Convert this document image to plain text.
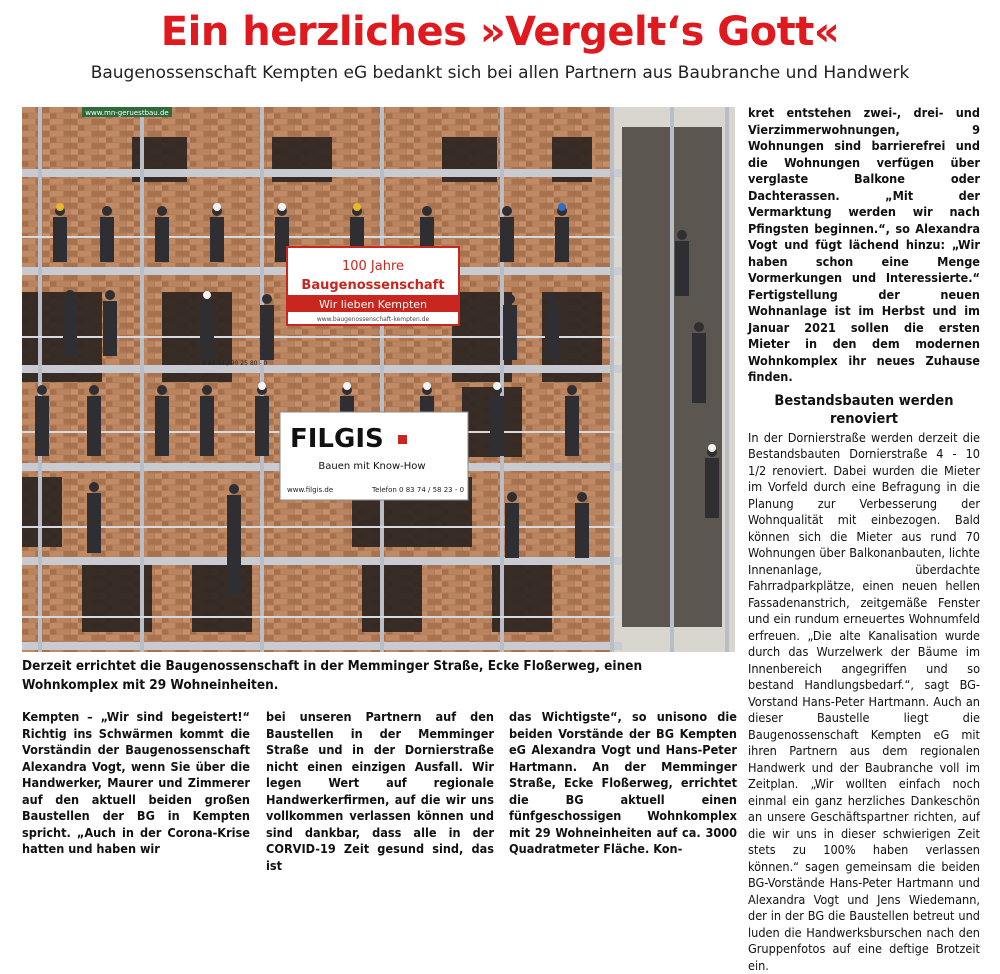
Ein herzliches »Vergelt‘s Gott«
Baugenossenschaft Kempten eG bedankt sich bei allen Partnern aus Baubranche und Handwerk
www.mn-geruestbau.de
100 Jahre
Baugenossenschaft
Wir lieben Kempten
www.baugenossenschaft-kempten.de
FILGIS
Bauen mit Know-How
www.filgis.de	Telefon 0 83 74 / 58 23 - 0
0 83 31 / 90 25 80 - 0
Derzeit errichtet die Baugenossenschaft in der Memminger Straße, Ecke Floßerweg, einen Wohnkomplex mit 29 Wohneinheiten.

Kempten – „Wir sind begeistert!“ Richtig ins Schwärmen kommt die Vorständin der Baugenossenschaft Alexandra Vogt, wenn Sie über die Handwerker, Maurer und Zimmerer auf den aktuell beiden großen Baustellen der BG in Kempten spricht. „Auch in der Corona-Krise hatten und haben wir

bei unseren Partnern auf den Baustellen in der Memminger Straße und in der Dornierstraße nicht einen einzigen Ausfall. Wir legen Wert auf regionale Handwerkerfirmen, auf die wir uns vollkommen verlassen können und sind dankbar, dass alle in der CORVID-19 Zeit gesund sind, das ist

das Wichtigste“, so unisono die beiden Vorstände der BG Kempten eG Alexandra Vogt und Hans-Peter Hartmann. An der Memminger Straße, Ecke Floßerweg, errichtet die BG aktuell einen fünfgeschossigen Wohnkomplex mit 29 Wohneinheiten auf ca. 3000 Quadratmeter Fläche. Kon-

kret entstehen zwei-, drei- und Vierzimmerwohnungen, 9 Wohnungen sind barrierefrei und die Wohnungen verfügen über verglaste Balkone oder Dachterassen. „Mit der Vermarktung werden wir nach Pfingsten beginnen.“, so Alexandra Vogt und fügt lächend hinzu: „Wir haben schon eine Menge Vormerkungen und Interessierte.“ Fertigstellung der neuen Wohnanlage ist im Herbst und im Januar 2021 sollen die ersten Mieter in den dem modernen Wohnkomplex ihr neues Zuhause finden.

Bestandsbauten werden renoviert

In der Dornierstraße werden derzeit die Bestandsbauten Dornierstraße 4 - 10 1/2 renoviert. Dabei wurden die Mieter im Vorfeld durch eine Befragung in die Planung zur Verbesserung der Wohnqualität mit einbezogen. Bald können sich die Mieter aus rund 70 Wohnungen über Balkonanbauten, lichte Innenanlage, überdachte Fahrradparkplätze, einen neuen hellen Fassadenanstrich, zeitgemäße Fenster und ein rundum erneuertes Wohnumfeld erfreuen. „Die alte Kanalisation wurde durch das Wurzelwerk der Bäume im Innenbereich angegriffen und so bestand Handlungsbedarf.“, sagt BG-Vorstand Hans-Peter Hartmann. Auch an dieser Baustelle liegt die Baugenossenschaft Kempten eG mit ihren Partnern aus dem regionalen Handwerk und der Baubranche voll im Zeitplan. „Wir wollten einfach noch einmal ein ganz herzliches Dankeschön an unsere Geschäftspartner richten, auf die wir uns in dieser schwierigen Zeit stets zu 100% haben verlassen können.“ sagen gemeinsam die beiden BG-Vorstände Hans-Peter Hartmann und Alexandra Vogt und Jens Wiedemann, der in der BG die Baustellen betreut und luden die Handwerksburschen nach den Gruppenfotos auf eine deftige Brotzeit ein.
